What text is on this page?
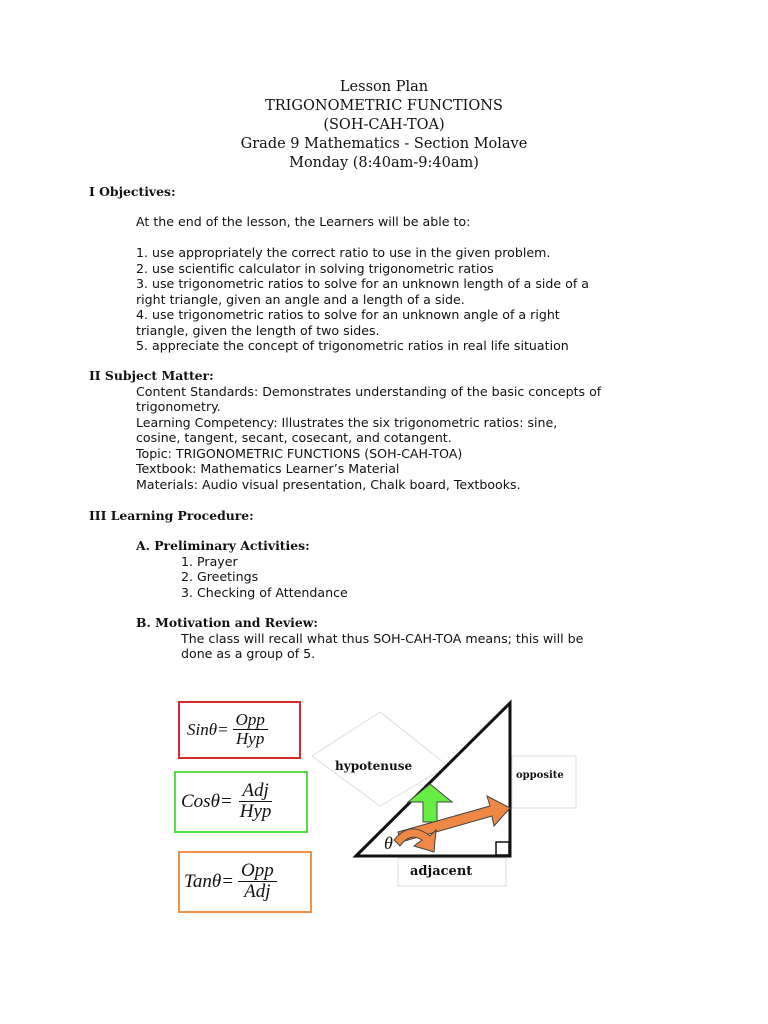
Lesson Plan
TRIGONOMETRIC FUNCTIONS
(SOH-CAH-TOA)
Grade 9 Mathematics - Section Molave
Monday (8:40am-9:40am)
I Objectives:
At the end of the lesson, the Learners will be able to:
1. use appropriately the correct ratio to use in the given problem.
2. use scientific calculator in solving trigonometric ratios
3. use trigonometric ratios to solve for an unknown length of a side of a
right triangle, given an angle and a length of a side.
4. use trigonometric ratios to solve for an unknown angle of a right
triangle, given the length of two sides.
5. appreciate the concept of trigonometric ratios in real life situation
II Subject Matter:
Content Standards: Demonstrates understanding of the basic concepts of
trigonometry.
Learning Competency: Illustrates the six trigonometric ratios: sine,
cosine, tangent, secant, cosecant, and cotangent.
Topic: TRIGONOMETRIC FUNCTIONS (SOH-CAH-TOA)
Textbook: Mathematics Learner’s Material
Materials: Audio visual presentation, Chalk board, Textbooks.
III Learning Procedure:
A. Preliminary Activities:
1. Prayer
2. Greetings
3. Checking of Attendance
B. Motivation and Review:
The class will recall what thus SOH-CAH-TOA means; this will be
done as a group of 5.
$Sin\theta= \frac{\text{Opp}}{\text{Hyp}}$
$Cos\theta= \frac{\text{Adj}}{\text{Hyp}}$
$Tan\theta= \frac{\text{Opp}}{\text{Adj}}$
hypotenuse
opposite
adjacent
θ
